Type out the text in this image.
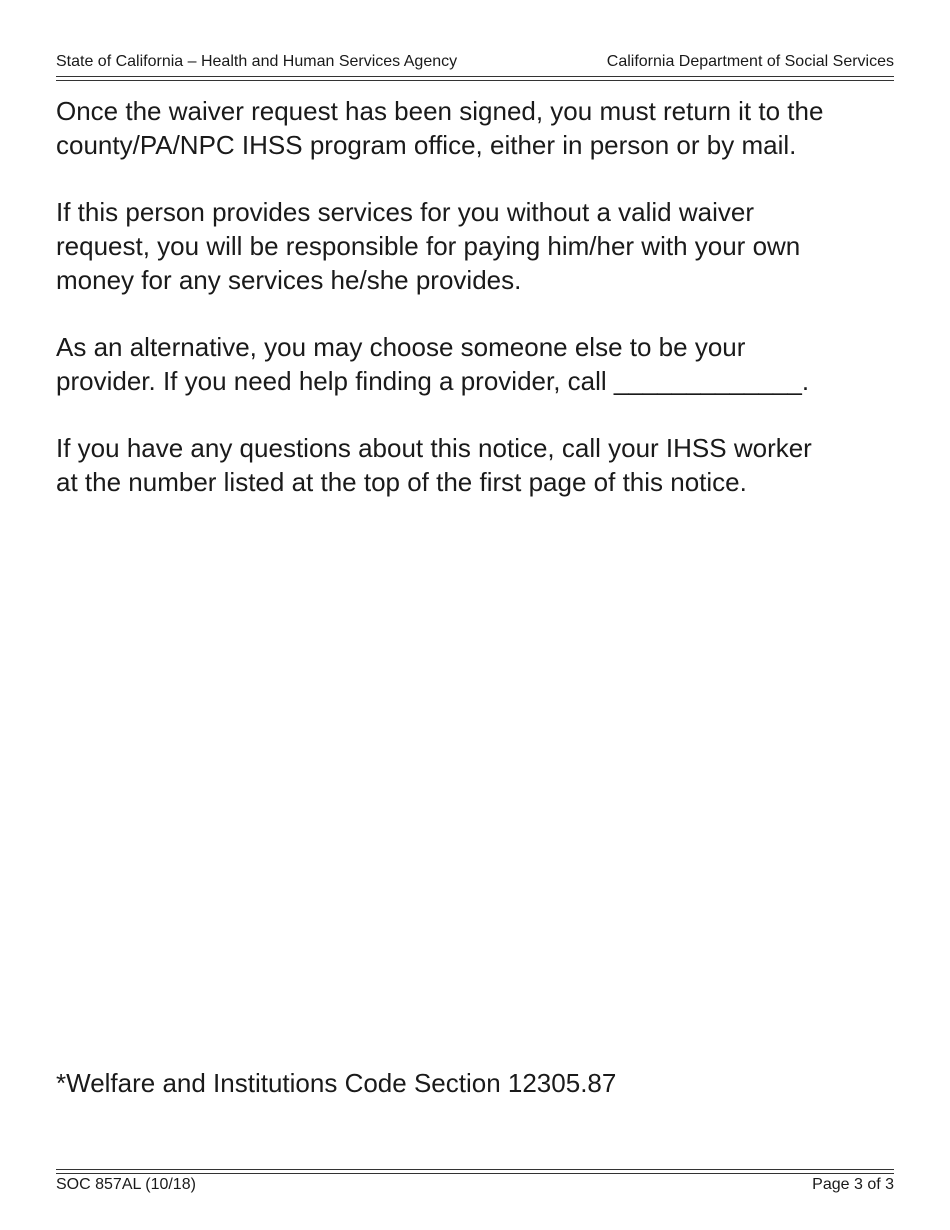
State of California – Health and Human Services Agency	California Department of Social Services

Once the waiver request has been signed, you must return it to the
county/PA/NPC IHSS program office, either in person or by mail.

If this person provides services for you without a valid waiver
request, you will be responsible for paying him/her with your own
money for any services he/she provides.

As an alternative, you may choose someone else to be your
provider. If you need help finding a provider, call _____________.

If you have any questions about this notice, call your IHSS worker
at the number listed at the top of the first page of this notice.

*Welfare and Institutions Code Section 12305.87
SOC 857AL (10/18)	Page 3 of 3
